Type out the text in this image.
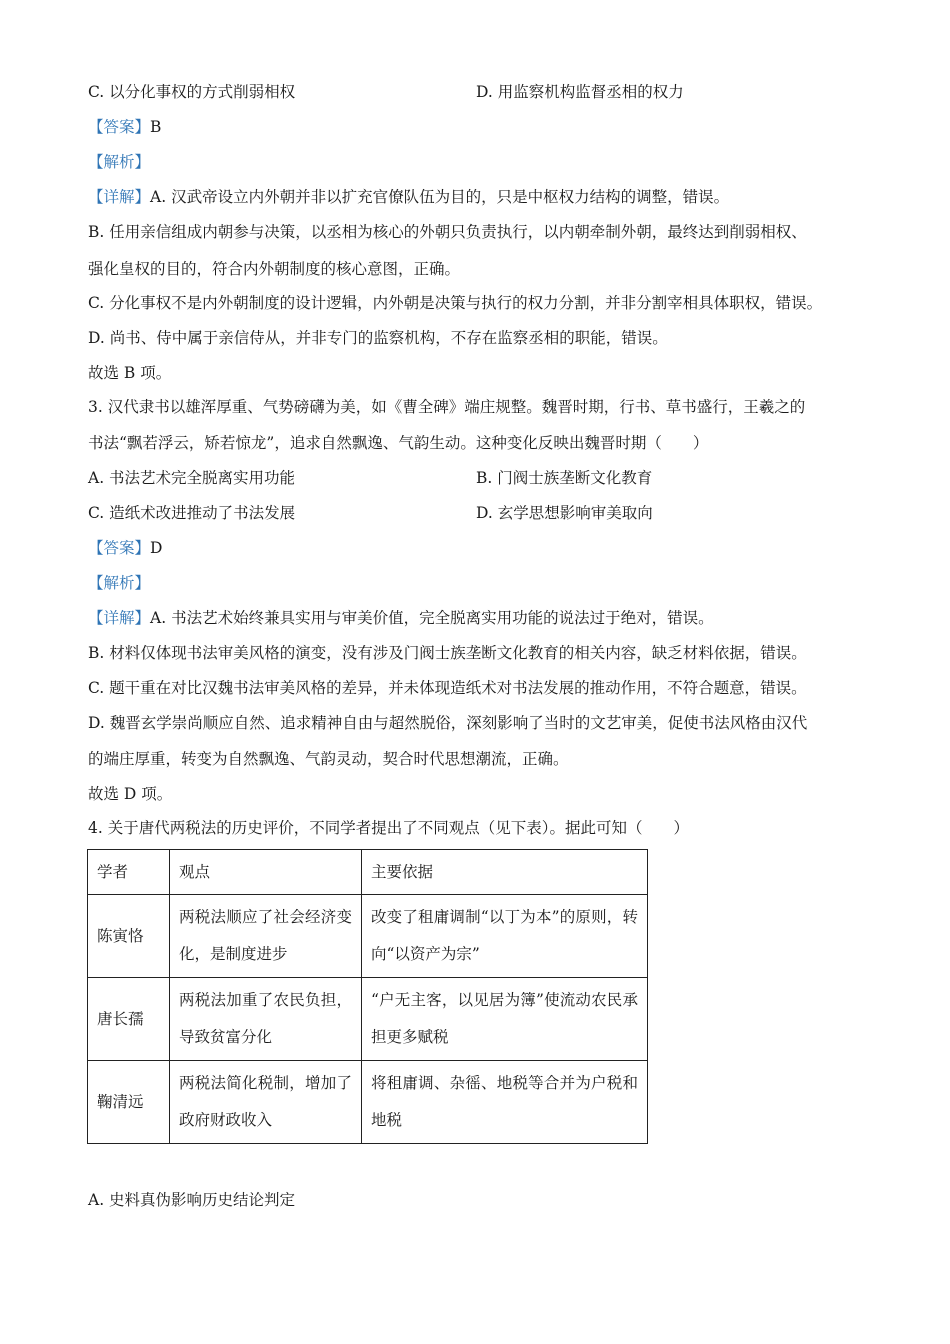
C. 以分化事权的方式削弱相权	D. 用监察机构监督丞相的权力
【答案】B
【解析】
【详解】A. 汉武帝设立内外朝并非以扩充官僚队伍为目的，只是中枢权力结构的调整，错误。
B. 任用亲信组成内朝参与决策，以丞相为核心的外朝只负责执行，以内朝牵制外朝，最终达到削弱相权、
强化皇权的目的，符合内外朝制度的核心意图，正确。
C. 分化事权不是内外朝制度的设计逻辑，内外朝是决策与执行的权力分割，并非分割宰相具体职权，错误。
D. 尚书、侍中属于亲信侍从，并非专门的监察机构，不存在监察丞相的职能，错误。
故选 B 项。
3. 汉代隶书以雄浑厚重、气势磅礴为美，如《曹全碑》端庄规整。魏晋时期，行书、草书盛行，王羲之的
书法“飘若浮云，矫若惊龙”，追求自然飘逸、气韵生动。这种变化反映出魏晋时期（　　）
A. 书法艺术完全脱离实用功能	B. 门阀士族垄断文化教育
C. 造纸术改进推动了书法发展	D. 玄学思想影响审美取向
【答案】D
【解析】
【详解】A. 书法艺术始终兼具实用与审美价值，完全脱离实用功能的说法过于绝对，错误。
B. 材料仅体现书法审美风格的演变，没有涉及门阀士族垄断文化教育的相关内容，缺乏材料依据，错误。
C. 题干重在对比汉魏书法审美风格的差异，并未体现造纸术对书法发展的推动作用，不符合题意，错误。
D. 魏晋玄学崇尚顺应自然、追求精神自由与超然脱俗，深刻影响了当时的文艺审美，促使书法风格由汉代
的端庄厚重，转变为自然飘逸、气韵灵动，契合时代思想潮流，正确。
故选 D 项。
4. 关于唐代两税法的历史评价，不同学者提出了不同观点（见下表）。据此可知（　　）
学者	观点	主要依据
陈寅恪	两税法顺应了社会经济变化，是制度进步	改变了租庸调制“以丁为本”的原则，转向“以资产为宗”
唐长孺	两税法加重了农民负担，导致贫富分化	“户无主客，以见居为簿”使流动农民承担更多赋税
鞠清远	两税法简化税制，增加了政府财政收入	将租庸调、杂徭、地税等合并为户税和地税
A. 史料真伪影响历史结论判定
